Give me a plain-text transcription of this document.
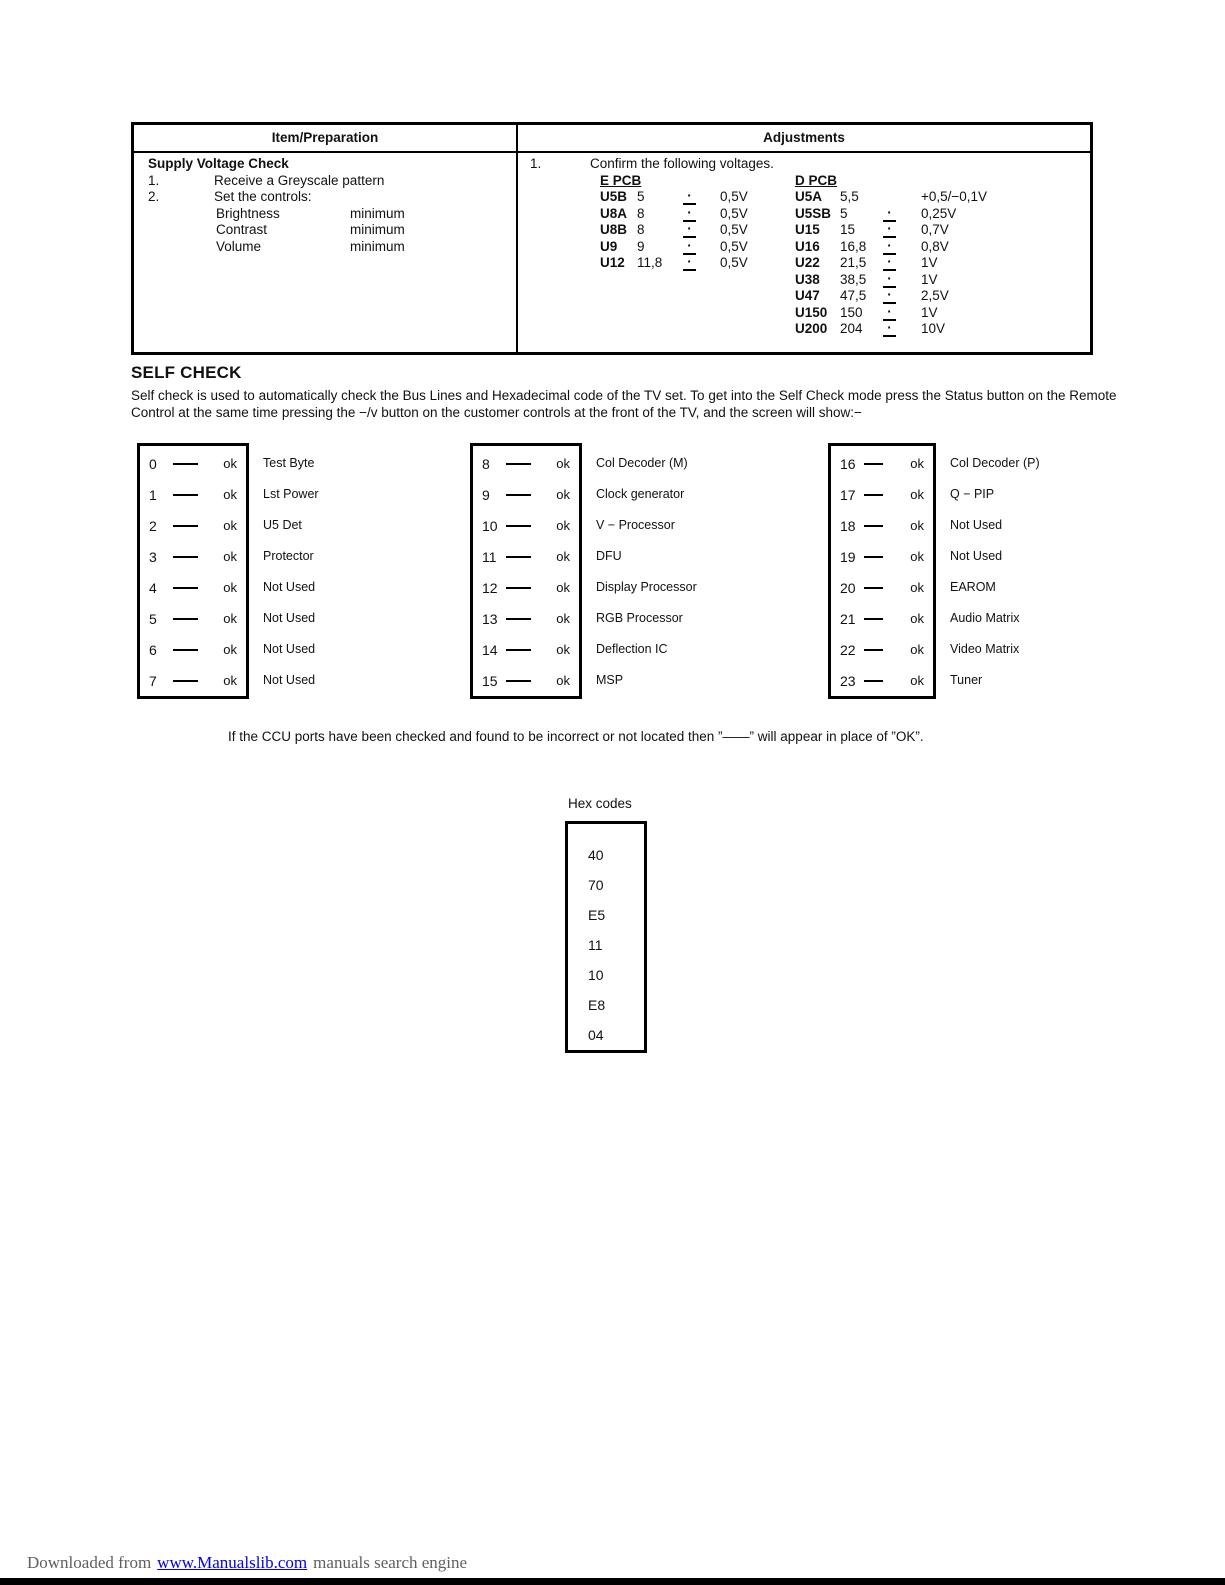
Item/Preparation	Adjustments
Supply Voltage Check
1.	Receive a Greyscale pattern
2.	Set the controls:
Brightness	minimum
Contrast	minimum
Volume	minimum
1.	Confirm the following voltages.
E PCB
U5B 5	·	0,5V
U8A 8	·	0,5V
U8B 8	·	0,5V
U9	9	·	0,5V
U12 11,8	·	0,5V
D PCB
U5A	5,5	+0,5/−0,1V
U5SB 5	·	0,25V
U15	15	·	0,7V
U16	16,8	·	0,8V
U22	21,5	·	1V
U38	38,5	·	1V
U47	47,5	·	2,5V
U150 150	·	1V
U200 204	·	10V
SELF CHECK
Self check is used to automatically check the Bus Lines and Hexadecimal code of the TV set. To get into the Self Check mode press the Status button on the Remote Control at the same time pressing the −/v button on the customer controls at the front of the TV, and the screen will show:−
0	ok
1	ok
2	ok
3	ok
4	ok
5	ok
6	ok
7	ok
Test Byte
Lst Power
U5 Det
Protector
Not Used
Not Used
Not Used
Not Used
8	ok
9	ok
10	ok
11	ok
12	ok
13	ok
14	ok
15	ok
Col Decoder (M)
Clock generator
V − Processor
DFU
Display Processor
RGB Processor
Deflection IC
MSP
16	ok
17	ok
18	ok
19	ok
20	ok
21	ok
22	ok
23	ok
Col Decoder (P)
Q − PIP
Not Used
Not Used
EAROM
Audio Matrix
Video Matrix
Tuner
If the CCU ports have been checked and found to be incorrect or not located then ”——” will appear in place of ”OK”.
Hex codes
40
70
E5
11
10
E8
04
Downloaded from www.Manualslib.com manuals search engine
